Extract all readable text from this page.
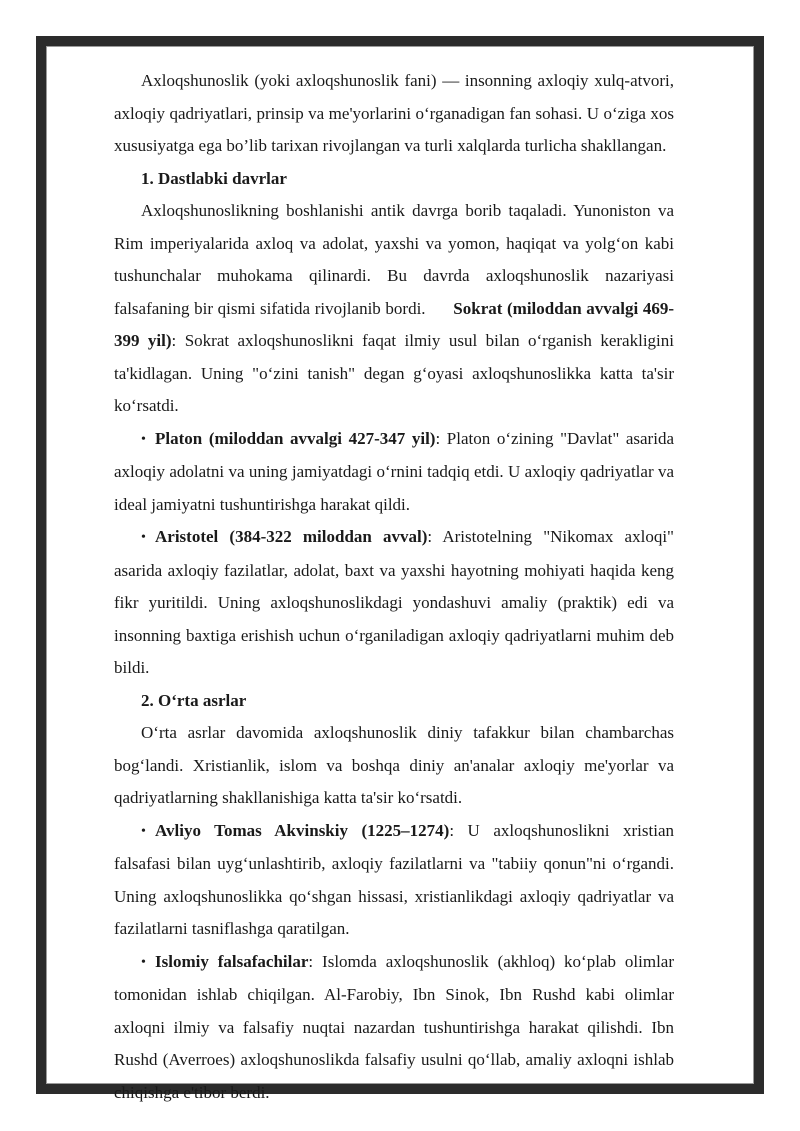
Axloqshunoslik (yoki axloqshunoslik fani) — insonning axloqiy xulq-atvori, axloqiy qadriyatlari, prinsip va me'yorlarini o‘rganadigan fan sohasi. U o‘ziga xos xususiyatga ega bo’lib tarixan rivojlangan va turli xalqlarda turlicha shakllangan.

1. Dastlabki davrlar

Axloqshunoslikning boshlanishi antik davrga borib taqaladi. Yunoniston va Rim imperiyalarida axloq va adolat, yaxshi va yomon, haqiqat va yolg‘on kabi tushunchalar muhokama qilinardi. Bu davrda axloqshunoslik nazariyasi falsafaning bir qismi sifatida rivojlanib bordi. Sokrat (miloddan avvalgi 469-399 yil): Sokrat axloqshunoslikni faqat ilmiy usul bilan o‘rganish kerakligini ta'kidlagan. Uning "o‘zini tanish" degan g‘oyasi axloqshunoslikka katta ta'sir ko‘rsatdi.

• Platon (miloddan avvalgi 427-347 yil): Platon o‘zining "Davlat" asarida axloqiy adolatni va uning jamiyatdagi o‘rnini tadqiq etdi. U axloqiy qadriyatlar va ideal jamiyatni tushuntirishga harakat qildi.

• Aristotel (384-322 miloddan avval): Aristotelning "Nikomax axloqi" asarida axloqiy fazilatlar, adolat, baxt va yaxshi hayotning mohiyati haqida keng fikr yuritildi. Uning axloqshunoslikdagi yondashuvi amaliy (praktik) edi va insonning baxtiga erishish uchun o‘rganiladigan axloqiy qadriyatlarni muhim deb bildi.

2. O‘rta asrlar

O‘rta asrlar davomida axloqshunoslik diniy tafakkur bilan chambarchas bog‘landi. Xristianlik, islom va boshqa diniy an'analar axloqiy me'yorlar va qadriyatlarning shakllanishiga katta ta'sir ko‘rsatdi.

• Avliyo Tomas Akvinskiy (1225–1274): U axloqshunoslikni xristian falsafasi bilan uyg‘unlashtirib, axloqiy fazilatlarni va "tabiiy qonun"ni o‘rgandi. Uning axloqshunoslikka qo‘shgan hissasi, xristianlikdagi axloqiy qadriyatlar va fazilatlarni tasniflashga qaratilgan.

• Islomiy falsafachilar: Islomda axloqshunoslik (akhloq) ko‘plab olimlar tomonidan ishlab chiqilgan. Al-Farobiy, Ibn Sinok, Ibn Rushd kabi olimlar axloqni ilmiy va falsafiy nuqtai nazardan tushuntirishga harakat qilishdi. Ibn Rushd (Averroes) axloqshunoslikda falsafiy usulni qo‘llab, amaliy axloqni ishlab chiqishga e'tibor berdi.
